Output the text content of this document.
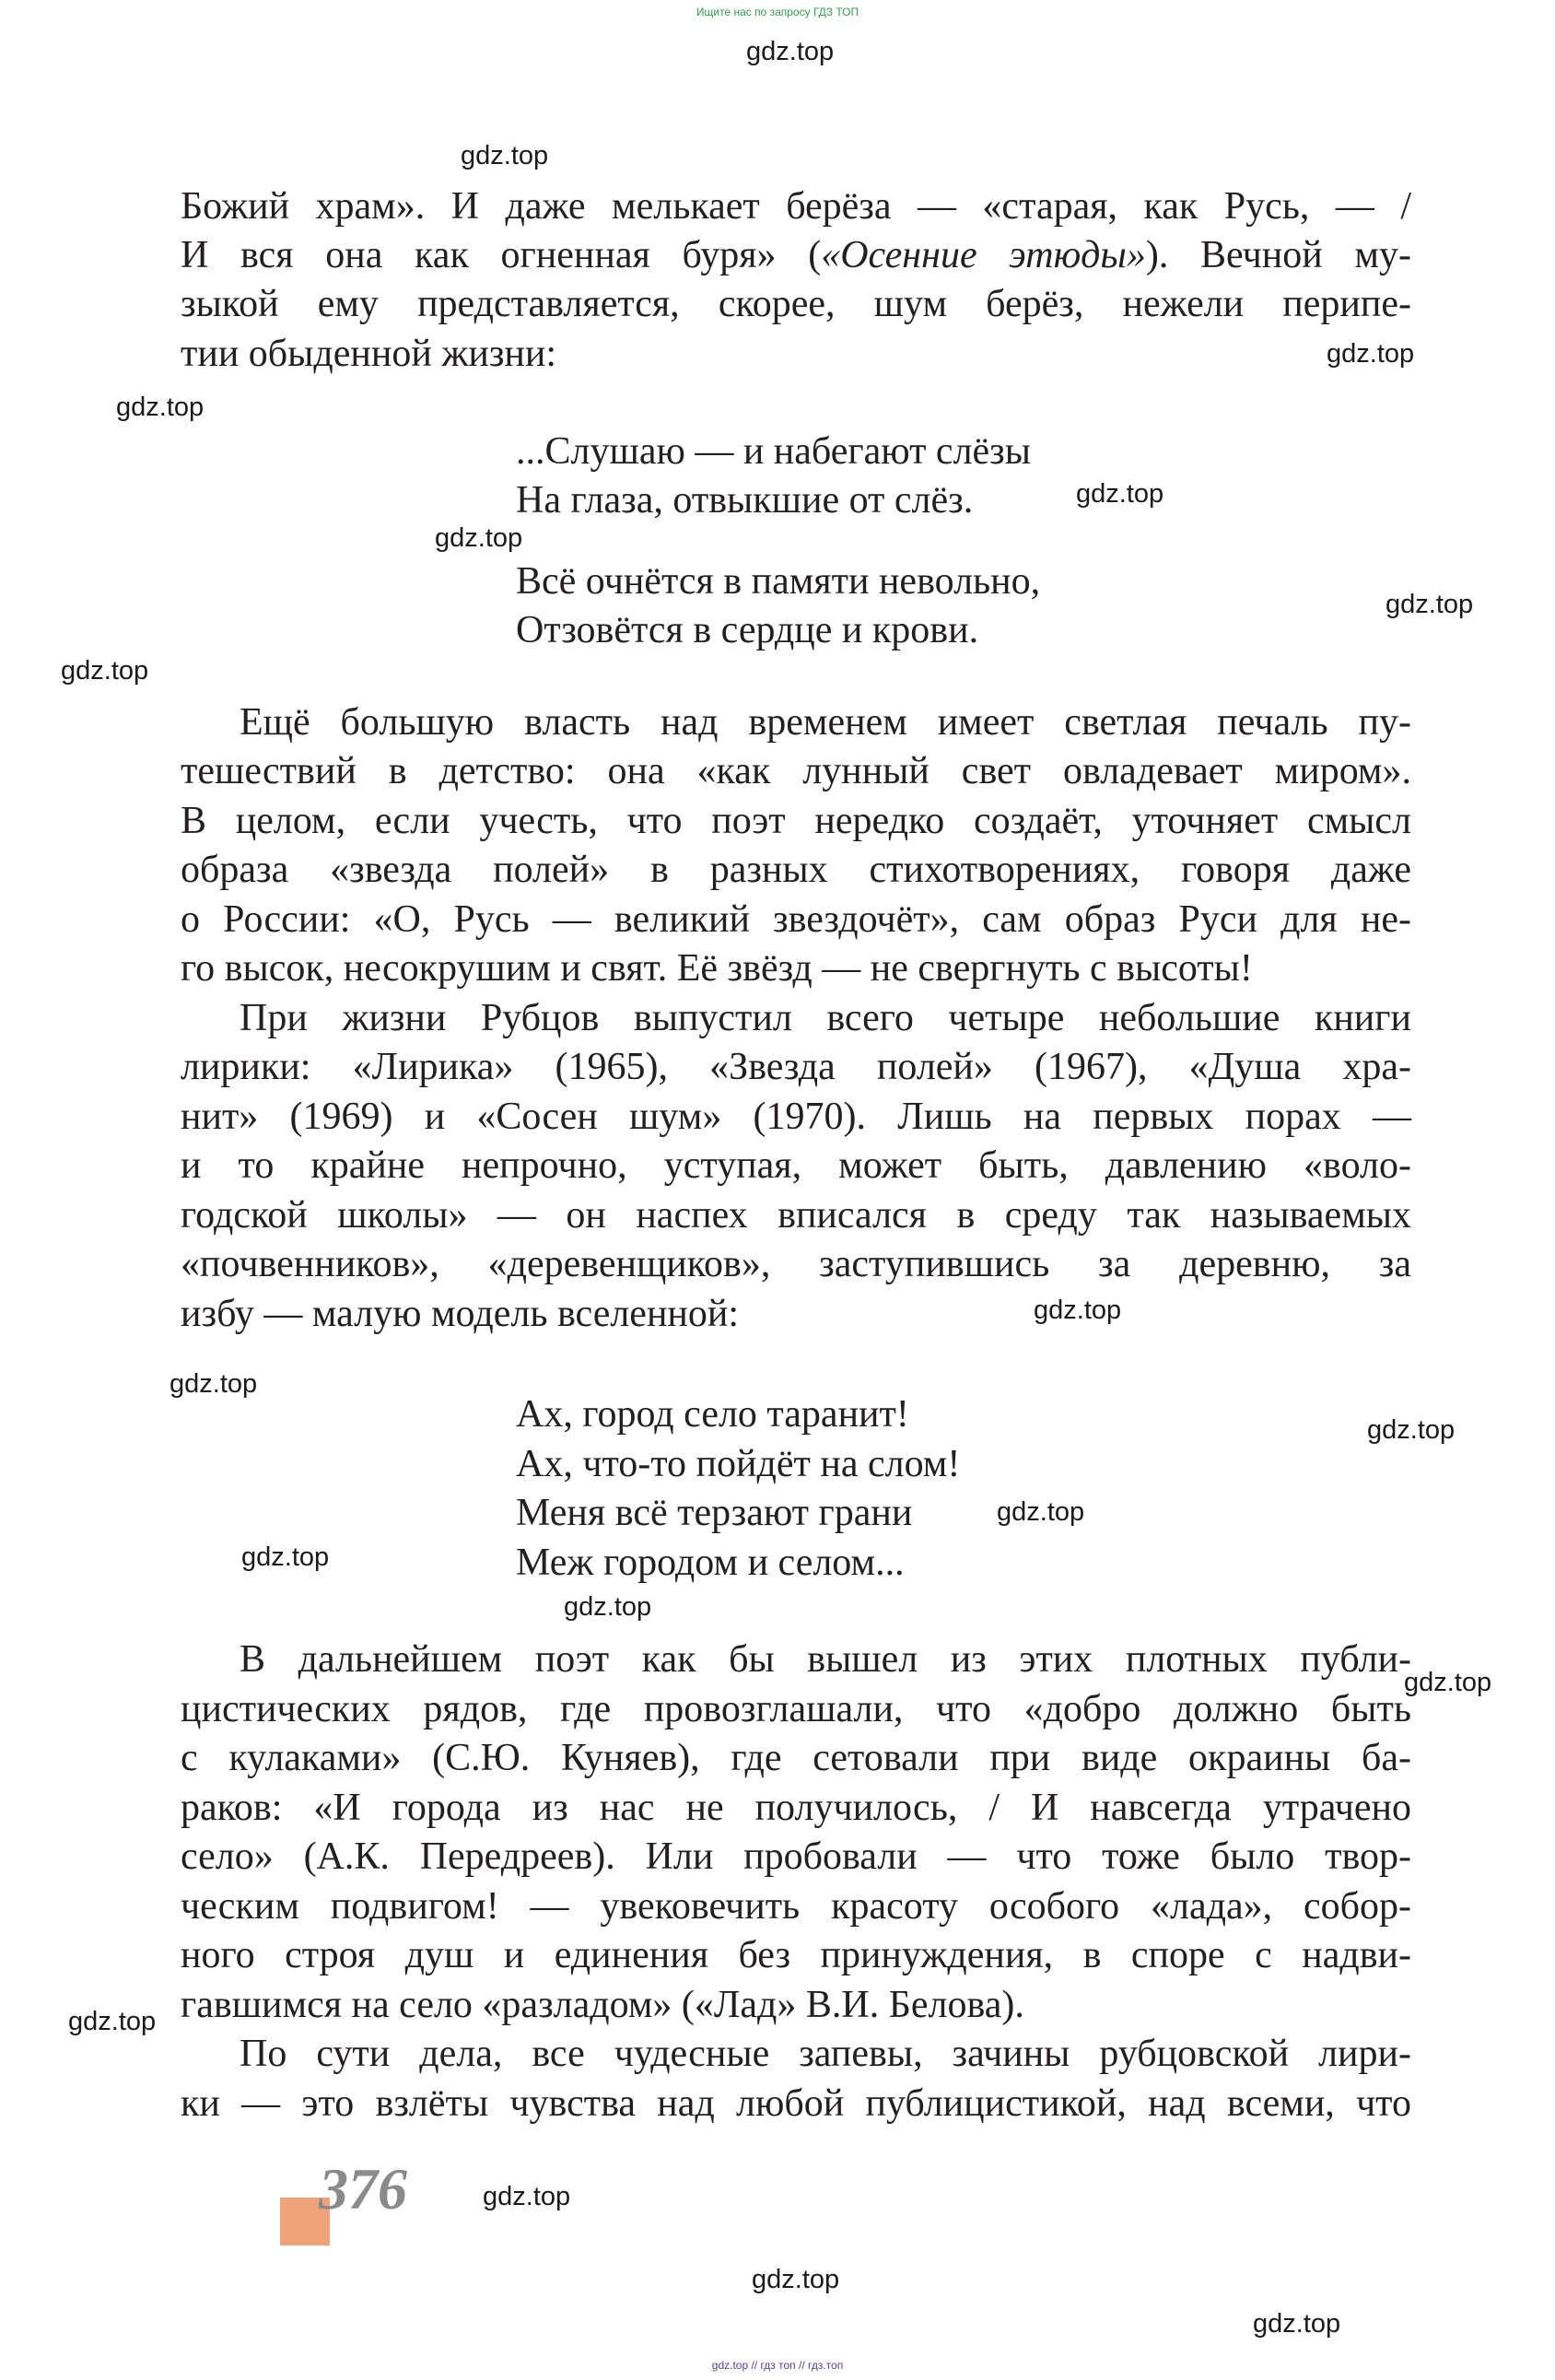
Ищите нас по запросу ГДЗ ТОП
gdz.top
gdz.top
gdz.top
gdz.top
gdz.top
gdz.top
gdz.top
gdz.top
gdz.top
gdz.top
gdz.top
gdz.top
gdz.top
gdz.top
gdz.top
gdz.top
gdz.top
gdz.top
gdz.top
Божий храм». И даже мелькает берёза — «старая, как Русь, — /
И вся она как огненная буря» («Осенние этюды»). Вечной му-
зыкой ему представляется, скорее, шум берёз, нежели перипе-
тии обыденной жизни:
...Слушаю — и набегают слёзы
На глаза, отвыкшие от слёз.
Всё очнётся в памяти невольно,
Отзовётся в сердце и крови.
Ещё большую власть над временем имеет светлая печаль пу-
тешествий в детство: она «как лунный свет овладевает миром».
В целом, если учесть, что поэт нередко создаёт, уточняет смысл
образа «звезда полей» в разных стихотворениях, говоря даже
о России: «О, Русь — великий звездочёт», сам образ Руси для не-
го высок, несокрушим и свят. Её звёзд — не свергнуть с высоты!
При жизни Рубцов выпустил всего четыре небольшие книги
лирики: «Лирика» (1965), «Звезда полей» (1967), «Душа хра-
нит» (1969) и «Сосен шум» (1970). Лишь на первых порах —
и то крайне непрочно, уступая, может быть, давлению «воло-
годской школы» — он наспех вписался в среду так называемых
«почвенников», «деревенщиков», заступившись за деревню, за
избу — малую модель вселенной:
Ах, город село таранит!
Ах, что-то пойдёт на слом!
Меня всё терзают грани
Меж городом и селом...
В дальнейшем поэт как бы вышел из этих плотных публи-
цистических рядов, где провозглашали, что «добро должно быть
с кулаками» (С.Ю. Куняев), где сетовали при виде окраины ба-
раков: «И города из нас не получилось, / И навсегда утрачено
село» (А.К. Передреев). Или пробовали — что тоже было твор-
ческим подвигом! — увековечить красоту особого «лада», собор-
ного строя душ и единения без принуждения, в споре с надви-
гавшимся на село «разладом» («Лад» В.И. Белова).
По сути дела, все чудесные запевы, зачины рубцовской лири-
ки — это взлёты чувства над любой публицистикой, над всеми, что
376
gdz.top // гдз топ // гдз.топ
